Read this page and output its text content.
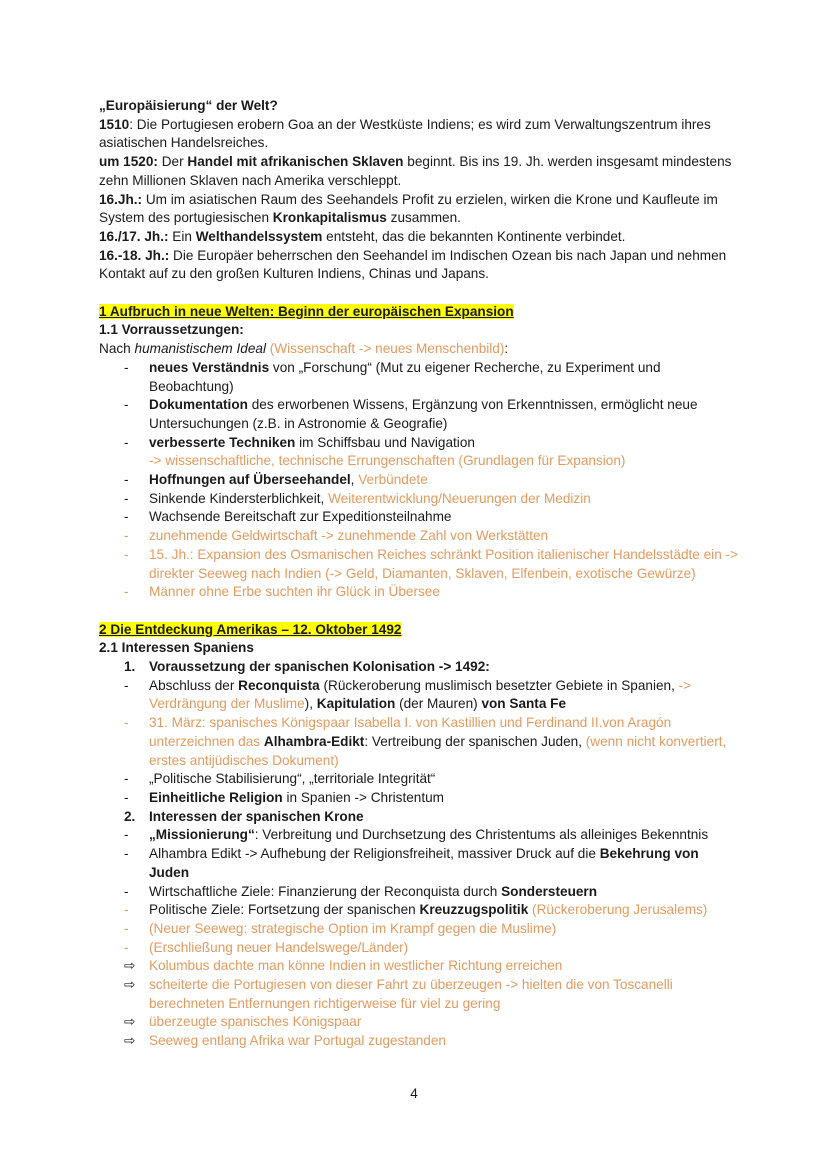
„Europäisierung“ der Welt?

1510: Die Portugiesen erobern Goa an der Westküste Indiens; es wird zum Verwaltungszentrum ihres asiatischen Handelsreiches.

um 1520: Der Handel mit afrikanischen Sklaven beginnt. Bis ins 19. Jh. werden insgesamt mindestens zehn Millionen Sklaven nach Amerika verschleppt.

16.Jh.: Um im asiatischen Raum des Seehandels Profit zu erzielen, wirken die Krone und Kaufleute im System des portugiesischen Kronkapitalismus zusammen.

16./17. Jh.: Ein Welthandelssystem entsteht, das die bekannten Kontinente verbindet.

16.-18. Jh.: Die Europäer beherrschen den Seehandel im Indischen Ozean bis nach Japan und nehmen Kontakt auf zu den großen Kulturen Indiens, Chinas und Japans.

1 Aufbruch in neue Welten: Beginn der europäischen Expansion

1.1 Vorraussetzungen:

Nach humanistischem Ideal (Wissenschaft -> neues Menschenbild):

- neues Verständnis von „Forschung“ (Mut zu eigener Recherche, zu Experiment und Beobachtung)
- Dokumentation des erworbenen Wissens, Ergänzung von Erkenntnissen, ermöglicht neue Untersuchungen (z.B. in Astronomie & Geografie)
- verbesserte Techniken im Schiffsbau und Navigation
-> wissenschaftliche, technische Errungenschaften (Grundlagen für Expansion)
- Hoffnungen auf Überseehandel, Verbündete
- Sinkende Kindersterblichkeit, Weiterentwicklung/Neuerungen der Medizin
- Wachsende Bereitschaft zur Expeditionsteilnahme
- zunehmende Geldwirtschaft -> zunehmende Zahl von Werkstätten
- 15. Jh.: Expansion des Osmanischen Reiches schränkt Position italienischer Handelsstädte ein -> direkter Seeweg nach Indien (-> Geld, Diamanten, Sklaven, Elfenbein, exotische Gewürze)
- Männer ohne Erbe suchten ihr Glück in Übersee

2 Die Entdeckung Amerikas – 12. Oktober 1492

2.1 Interessen Spaniens

1. Voraussetzung der spanischen Kolonisation -> 1492:
- Abschluss der Reconquista (Rückeroberung muslimisch besetzter Gebiete in Spanien, -> Verdrängung der Muslime), Kapitulation (der Mauren) von Santa Fe
- 31. März: spanisches Königspaar Isabella I. von Kastillien und Ferdinand II.von Aragón unterzeichnen das Alhambra-Edikt: Vertreibung der spanischen Juden, (wenn nicht konvertiert, erstes antijüdisches Dokument)
- „Politische Stabilisierung“, „territoriale Integrität“
- Einheitliche Religion in Spanien -> Christentum
2. Interessen der spanischen Krone
- „Missionierung“: Verbreitung und Durchsetzung des Christentums als alleiniges Bekenntnis
- Alhambra Edikt -> Aufhebung der Religionsfreiheit, massiver Druck auf die Bekehrung von Juden
- Wirtschaftliche Ziele: Finanzierung der Reconquista durch Sondersteuern
- Politische Ziele: Fortsetzung der spanischen Kreuzzugspolitik (Rückeroberung Jerusalems)
- (Neuer Seeweg: strategische Option im Krampf gegen die Muslime)
- (Erschließung neuer Handelswege/Länder)
⇨ Kolumbus dachte man könne Indien in westlicher Richtung erreichen
⇨ scheiterte die Portugiesen von dieser Fahrt zu überzeugen -> hielten die von Toscanelli berechneten Entfernungen richtigerweise für viel zu gering
⇨ überzeugte spanisches Königspaar
⇨ Seeweg entlang Afrika war Portugal zugestanden
4
